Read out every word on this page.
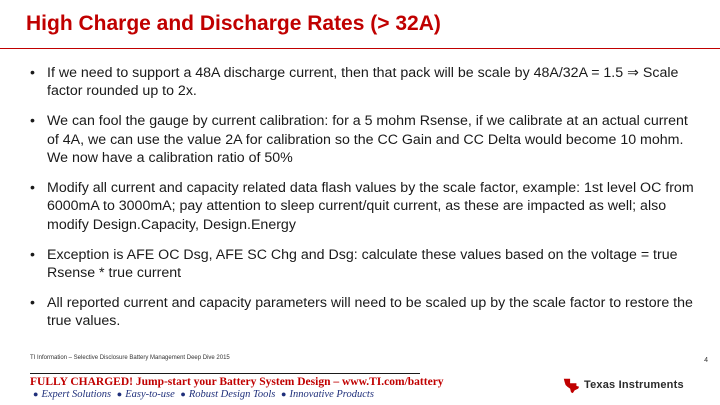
High Charge and Discharge Rates (> 32A)
• If we need to support a 48A discharge current, then that pack will be scale by 48A/32A = 1.5 ⇒ Scale factor rounded up to 2x.
• We can fool the gauge by current calibration: for a 5 mohm Rsense, if we calibrate at an actual current of 4A, we can use the value 2A for calibration so the CC Gain and CC Delta would become 10 mohm. We now have a calibration ratio of 50%
• Modify all current and capacity related data flash values by the scale factor, example: 1st level OC from 6000mA to 3000mA; pay attention to sleep current/quit current, as these are impacted as well; also modify Design.Capacity, Design.Energy
• Exception is AFE OC Dsg, AFE SC Chg and Dsg: calculate these values based on the voltage = true Rsense * true current
• All reported current and capacity parameters will need to be scaled up by the scale factor to restore the true values.
TI Information – Selective Disclosure Battery Management Deep Dive 2015	4
FULLY CHARGED! Jump-start your Battery System Design – www.TI.com/battery
● Expert Solutions ● Easy-to-use ● Robust Design Tools ● Innovative Products
Texas Instruments
